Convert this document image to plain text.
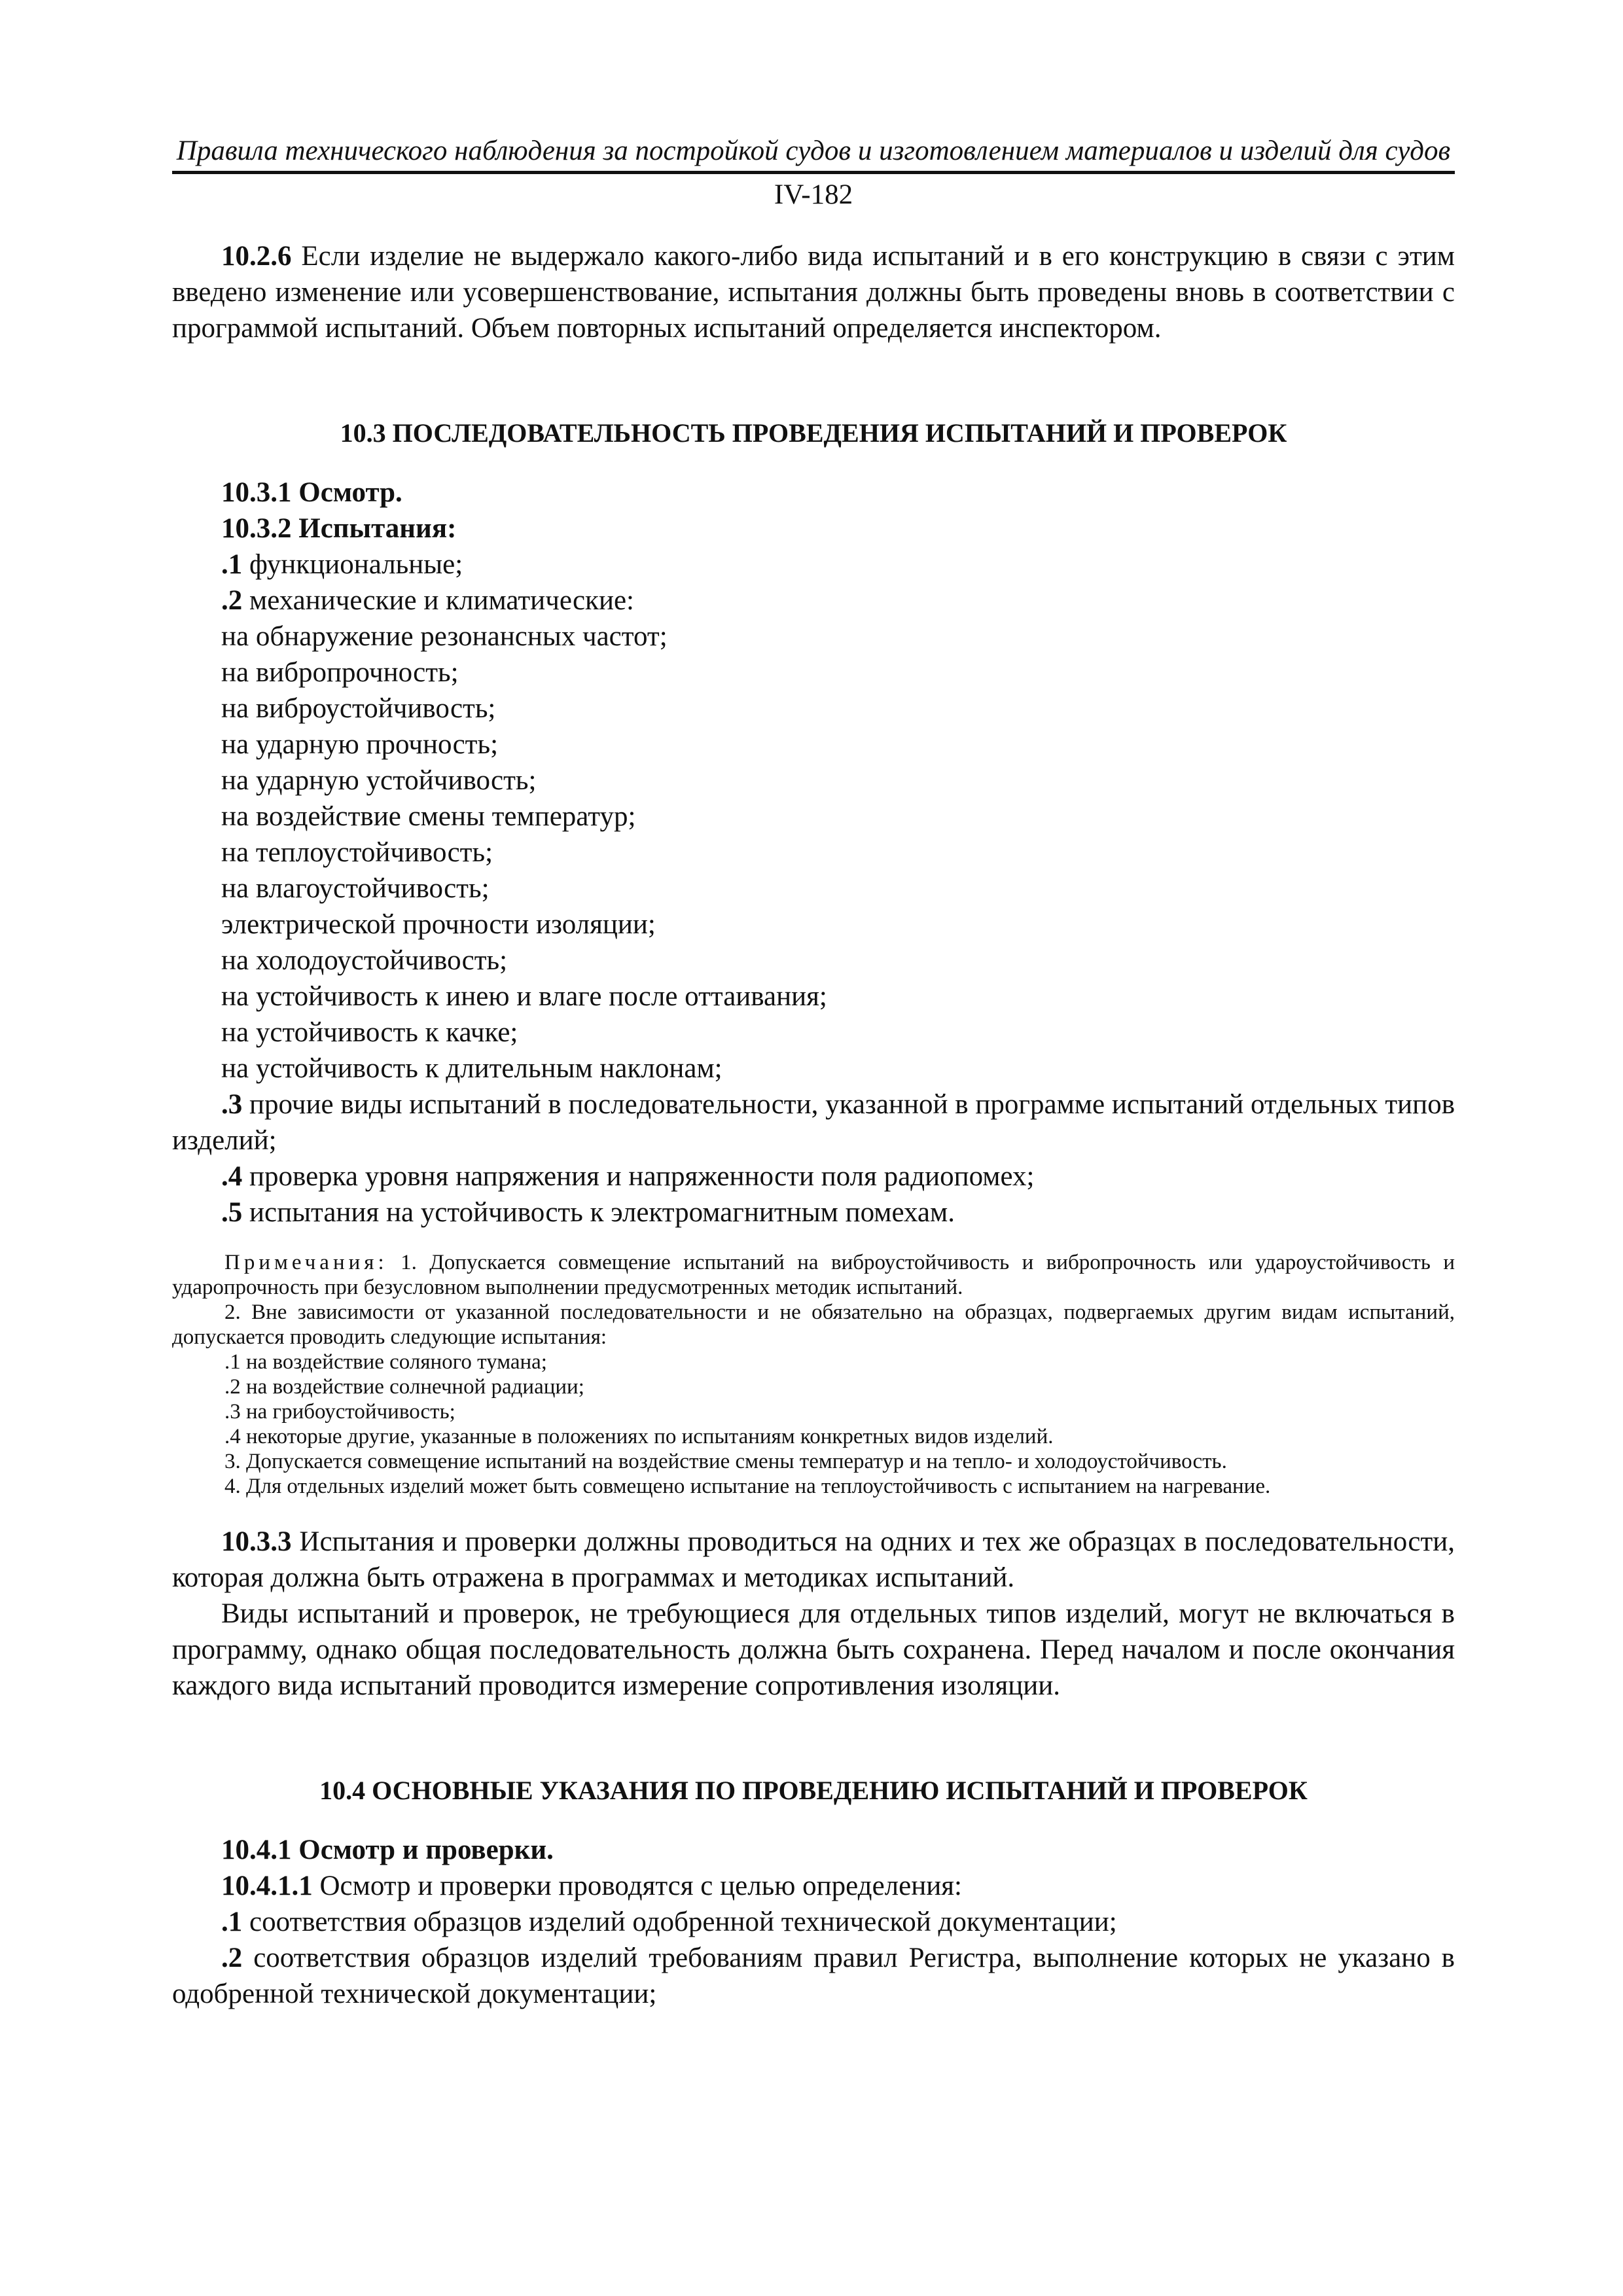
Правила технического наблюдения за постройкой судов и изготовлением материалов и изделий для судов
IV-182
10.2.6 Если изделие не выдержало какого-либо вида испытаний и в его конструкцию в связи с этим введено изменение или усовершенствование, испытания должны быть проведены вновь в соответствии с программой испытаний. Объем повторных испытаний определяется инспектором.
10.3 ПОСЛЕДОВАТЕЛЬНОСТЬ ПРОВЕДЕНИЯ ИСПЫТАНИЙ И ПРОВЕРОК
10.3.1 Осмотр.
10.3.2 Испытания:
.1 функциональные;
.2 механические и климатические:
на обнаружение резонансных частот;
на вибропрочность;
на виброустойчивость;
на ударную прочность;
на ударную устойчивость;
на воздействие смены температур;
на теплоустойчивость;
на влагоустойчивость;
электрической прочности изоляции;
на холодоустойчивость;
на устойчивость к инею и влаге после оттаивания;
на устойчивость к качке;
на устойчивость к длительным наклонам;
.3 прочие виды испытаний в последовательности, указанной в программе испытаний отдельных типов изделий;
.4 проверка уровня напряжения и напряженности поля радиопомех;
.5 испытания на устойчивость к электромагнитным помехам.
Примечания: 1. Допускается совмещение испытаний на виброустойчивость и вибропрочность или удароустойчивость и ударопрочность при безусловном выполнении предусмотренных методик испытаний.
2. Вне зависимости от указанной последовательности и не обязательно на образцах, подвергаемых другим видам испытаний, допускается проводить следующие испытания:
.1 на воздействие соляного тумана;
.2 на воздействие солнечной радиации;
.3 на грибоустойчивость;
.4 некоторые другие, указанные в положениях по испытаниям конкретных видов изделий.
3. Допускается совмещение испытаний на воздействие смены температур и на тепло- и холодоустойчивость.
4. Для отдельных изделий может быть совмещено испытание на теплоустойчивость с испытанием на нагревание.
10.3.3 Испытания и проверки должны проводиться на одних и тех же образцах в последовательности, которая должна быть отражена в программах и методиках испытаний.
Виды испытаний и проверок, не требующиеся для отдельных типов изделий, могут не включаться в программу, однако общая последовательность должна быть сохранена. Перед началом и после окончания каждого вида испытаний проводится измерение сопротивления изоляции.
10.4 ОСНОВНЫЕ УКАЗАНИЯ ПО ПРОВЕДЕНИЮ ИСПЫТАНИЙ И ПРОВЕРОК
10.4.1 Осмотр и проверки.
10.4.1.1 Осмотр и проверки проводятся с целью определения:
.1 соответствия образцов изделий одобренной технической документации;
.2 соответствия образцов изделий требованиям правил Регистра, выполнение которых не указано в одобренной технической документации;
